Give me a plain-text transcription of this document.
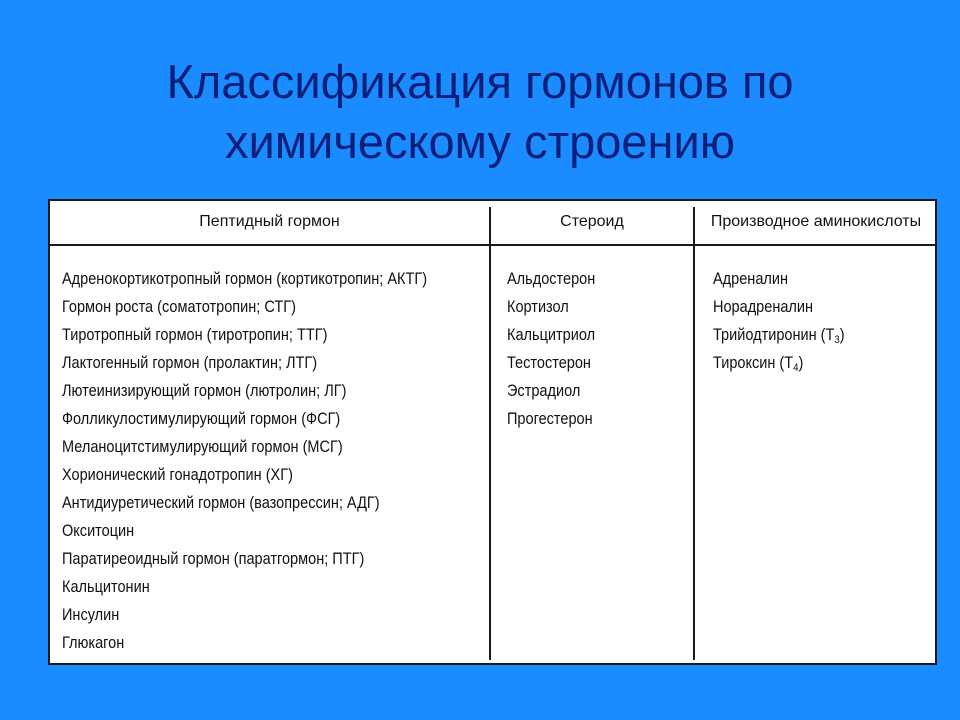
Классификация гормонов по
химическому строению
Пептидный гормон	Стероид	Производное аминокислоты
Адренокортикотропный гормон (кортикотропин; АКТГ)
Гормон роста (соматотропин; СТГ)
Тиротропный гормон (тиротропин; ТТГ)
Лактогенный гормон (пролактин; ЛТГ)
Лютеинизирующий гормон (лютролин; ЛГ)
Фолликулостимулирующий гормон (ФСГ)
Меланоцитстимулирующий гормон (МСГ)
Хорионический гонадотропин (ХГ)
Антидиуретический гормон (вазопрессин; АДГ)
Окситоцин
Паратиреоидный гормон (паратгормон; ПТГ)
Кальцитонин
Инсулин
Глюкагон
Альдостерон
Кортизол
Кальцитриол
Тестостерон
Эстрадиол
Прогестерон
Адреналин
Норадреналин
Трийодтиронин $(T_3)$
Тироксин $(T_4)$
